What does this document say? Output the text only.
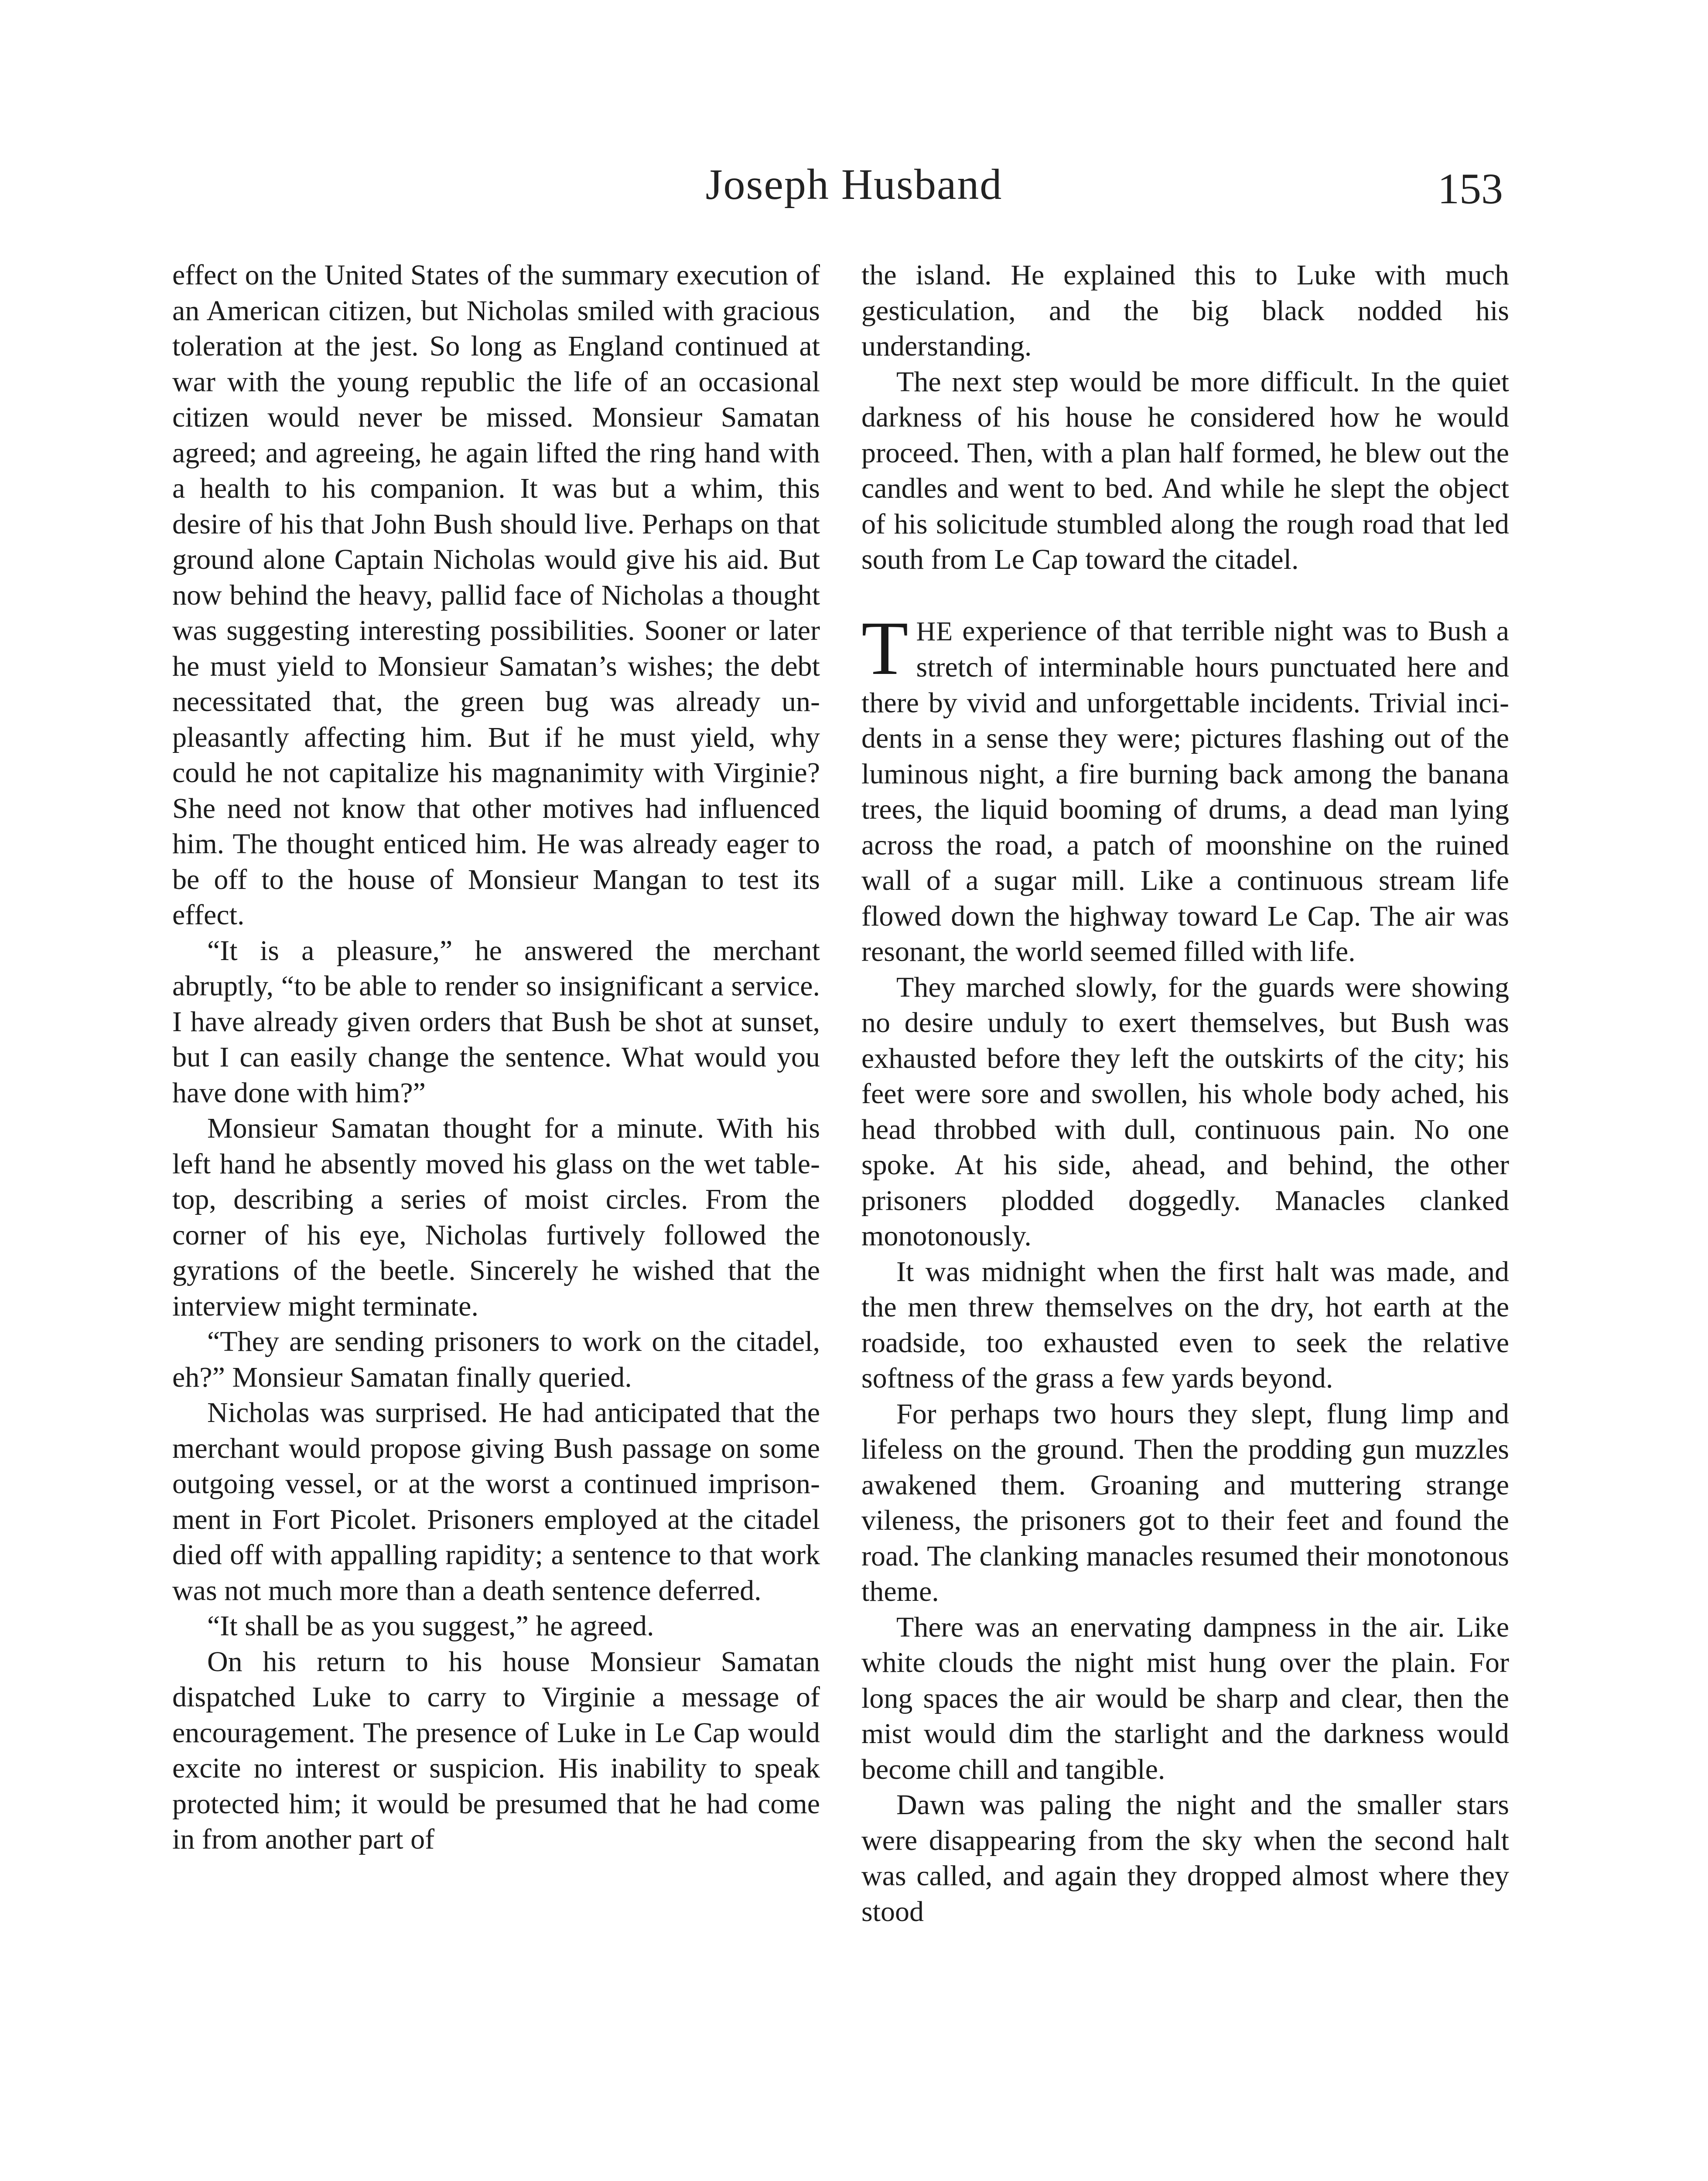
Joseph Husband	153

effect on the United States of the summary execution of an American citizen, but Nicholas smiled with gracious toleration at the jest. So long as England continued at war with the young republic the life of an occasional citizen would never be missed. Monsieur Samatan agreed; and agreeing, he again lifted the ring hand with a health to his companion. It was but a whim, this desire of his that John Bush should live. Perhaps on that ground alone Captain Nicholas would give his aid. But now behind the heavy, pallid face of Nicholas a thought was suggesting interesting possibilities. Sooner or later he must yield to Monsieur Samatan’s wishes; the debt necessitated that, the green bug was already unpleasantly affecting him. But if he must yield, why could he not capitalize his magnanimity with Virginie? She need not know that other motives had influenced him. The thought enticed him. He was already eager to be off to the house of Monsieur Mangan to test its effect.

“It is a pleasure,” he answered the merchant abruptly, “to be able to render so insignificant a service. I have already given orders that Bush be shot at sunset, but I can easily change the sentence. What would you have done with him?”

Monsieur Samatan thought for a minute. With his left hand he absently moved his glass on the wet table-top, describing a series of moist circles. From the corner of his eye, Nicholas furtively followed the gyrations of the beetle. Sincerely he wished that the interview might terminate.

“They are sending prisoners to work on the citadel, eh?” Monsieur Samatan finally queried.

Nicholas was surprised. He had anticipated that the merchant would propose giving Bush passage on some outgoing vessel, or at the worst a continued imprisonment in Fort Picolet. Prisoners employed at the citadel died off with appalling rapidity; a sentence to that work was not much more than a death sentence deferred.

“It shall be as you suggest,” he agreed.

On his return to his house Monsieur Samatan dispatched Luke to carry to Virginie a message of encouragement. The presence of Luke in Le Cap would excite no interest or suspicion. His inability to speak protected him; it would be presumed that he had come in from another part of

the island. He explained this to Luke with much gesticulation, and the big black nodded his understanding.

The next step would be more difficult. In the quiet darkness of his house he considered how he would proceed. Then, with a plan half formed, he blew out the candles and went to bed. And while he slept the object of his solicitude stumbled along the rough road that led south from Le Cap toward the citadel.

THE experience of that terrible night was to Bush a stretch of interminable hours punctuated here and there by vivid and unforgettable incidents. Trivial incidents in a sense they were; pictures flashing out of the luminous night, a fire burning back among the banana trees, the liquid booming of drums, a dead man lying across the road, a patch of moonshine on the ruined wall of a sugar mill. Like a continuous stream life flowed down the highway toward Le Cap. The air was resonant, the world seemed filled with life.

They marched slowly, for the guards were showing no desire unduly to exert themselves, but Bush was exhausted before they left the outskirts of the city; his feet were sore and swollen, his whole body ached, his head throbbed with dull, continuous pain. No one spoke. At his side, ahead, and behind, the other prisoners plodded doggedly. Manacles clanked monotonously.

It was midnight when the first halt was made, and the men threw themselves on the dry, hot earth at the roadside, too exhausted even to seek the relative softness of the grass a few yards beyond.

For perhaps two hours they slept, flung limp and lifeless on the ground. Then the prodding gun muzzles awakened them. Groaning and muttering strange vileness, the prisoners got to their feet and found the road. The clanking manacles resumed their monotonous theme.

There was an enervating dampness in the air. Like white clouds the night mist hung over the plain. For long spaces the air would be sharp and clear, then the mist would dim the starlight and the darkness would become chill and tangible.

Dawn was paling the night and the smaller stars were disappearing from the sky when the second halt was called, and again they dropped almost where they stood
